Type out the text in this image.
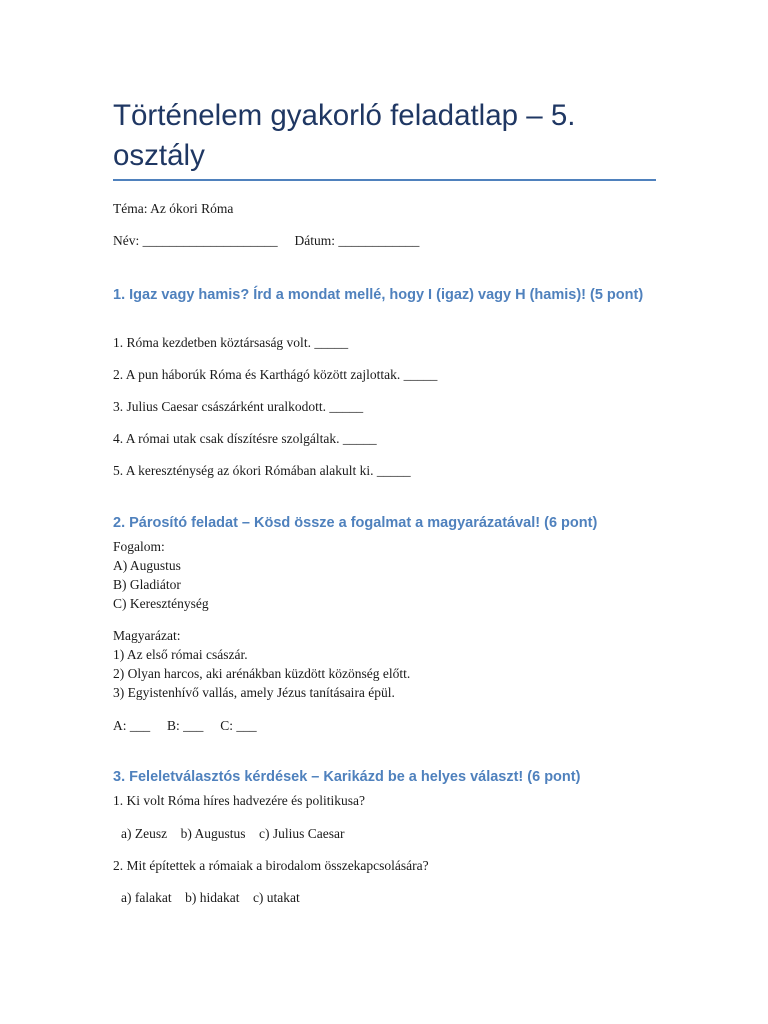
Történelem gyakorló feladatlap – 5. osztály
Téma: Az ókori Róma
Név: ____________________     Dátum: ____________
1. Igaz vagy hamis? Írd a mondat mellé, hogy I (igaz) vagy H (hamis)! (5 pont)
1. Róma kezdetben köztársaság volt. _____
2. A pun háborúk Róma és Karthágó között zajlottak. _____
3. Julius Caesar császárként uralkodott. _____
4. A római utak csak díszítésre szolgáltak. _____
5. A kereszténység az ókori Rómában alakult ki. _____
2. Párosító feladat – Kösd össze a fogalmat a magyarázatával! (6 pont)
Fogalom:
A) Augustus
B) Gladiátor
C) Kereszténység
Magyarázat:
1) Az első római császár.
2) Olyan harcos, aki arénákban küzdött közönség előtt.
3) Egyistenhívő vallás, amely Jézus tanításaira épül.
A: ___     B: ___     C: ___
3. Feleletválasztós kérdések – Karikázd be a helyes választ! (6 pont)
1. Ki volt Róma híres hadvezére és politikusa?
a) Zeusz    b) Augustus    c) Julius Caesar
2. Mit építettek a rómaiak a birodalom összekapcsolására?
a) falakat    b) hidakat    c) utakat
